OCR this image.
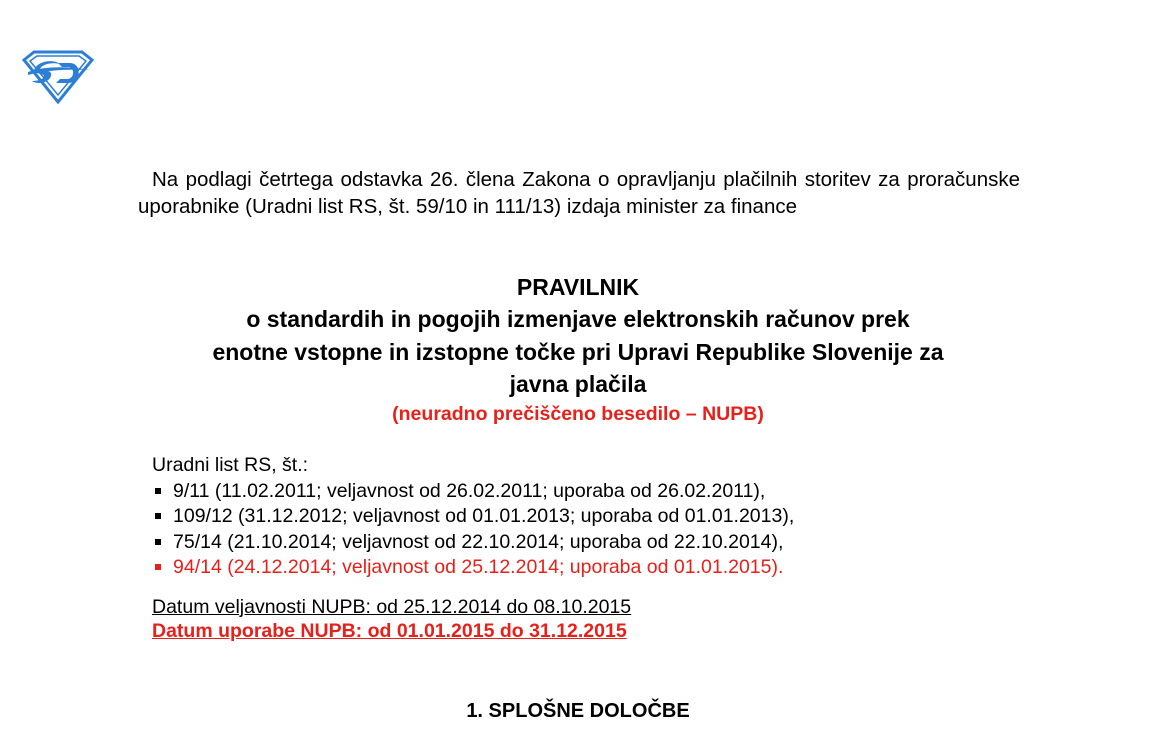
Na podlagi četrtega odstavka 26. člena Zakona o opravljanju plačilnih storitev za proračunske uporabnike (Uradni list RS, št. 59/10 in 111/13) izdaja minister za finance

PRAVILNIK
o standardih in pogojih izmenjave elektronskih računov prek
enotne vstopne in izstopne točke pri Upravi Republike Slovenije za
javna plačila
(neuradno prečiščeno besedilo – NUPB)
Uradni list RS, št.:
9/11 (11.02.2011; veljavnost od 26.02.2011; uporaba od 26.02.2011),
109/12 (31.12.2012; veljavnost od 01.01.2013; uporaba od 01.01.2013),
75/14 (21.10.2014; veljavnost od 22.10.2014; uporaba od 22.10.2014),
94/14 (24.12.2014; veljavnost od 25.12.2014; uporaba od 01.01.2015).
Datum veljavnosti NUPB: od 25.12.2014 do 08.10.2015
Datum uporabe NUPB: od 01.01.2015 do 31.12.2015
1. SPLOŠNE DOLOČBE
